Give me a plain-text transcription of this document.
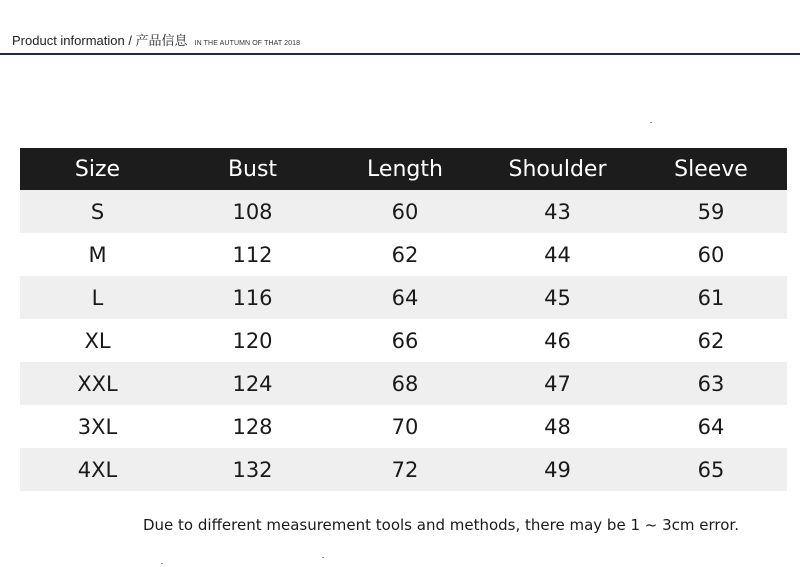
Product information / 产品信息 IN THE AUTUMN OF THAT 2018
Size	Bust	Length	Shoulder	Sleeve
S	108	60	43	59
M	112	62	44	60
L	116	64	45	61
XL	120	66	46	62
XXL	124	68	47	63
3XL	128	70	48	64
4XL	132	72	49	65
Due to different measurement tools and methods, there may be 1 ~ 3cm error.
